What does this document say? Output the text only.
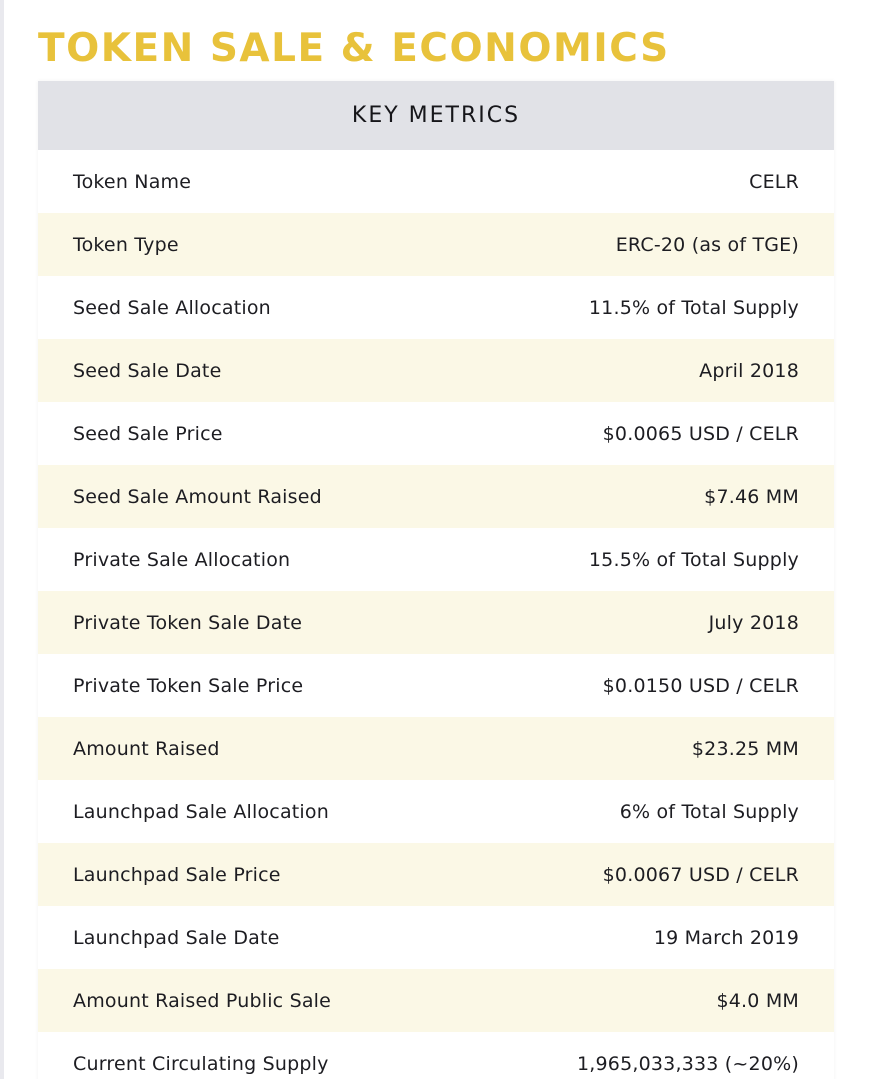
TOKEN SALE & ECONOMICS
KEY METRICS
Token Name	CELR
Token Type	ERC-20 (as of TGE)
Seed Sale Allocation	11.5% of Total Supply
Seed Sale Date	April 2018
Seed Sale Price	$0.0065 USD / CELR
Seed Sale Amount Raised	$7.46 MM
Private Sale Allocation	15.5% of Total Supply
Private Token Sale Date	July 2018
Private Token Sale Price	$0.0150 USD / CELR
Amount Raised	$23.25 MM
Launchpad Sale Allocation	6% of Total Supply
Launchpad Sale Price	$0.0067 USD / CELR
Launchpad Sale Date	19 March 2019
Amount Raised Public Sale	$4.0 MM
Current Circulating Supply	1,965,033,333 (~20%)
